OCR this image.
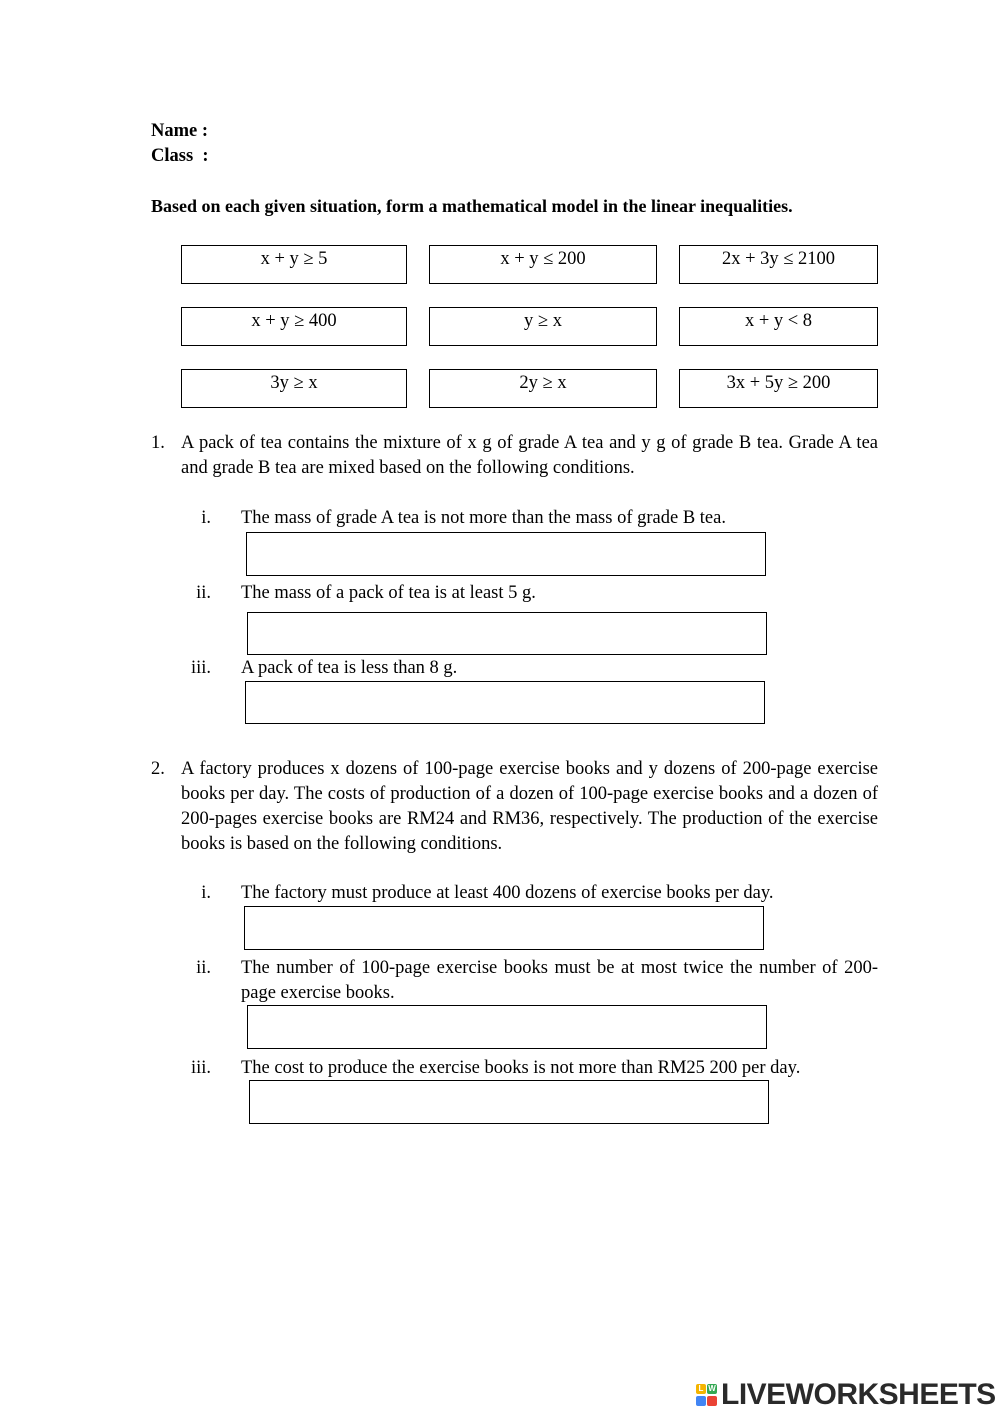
Name :
Class  :
Based on each given situation, form a mathematical model in the linear inequalities.
x + y ≥ 5	x + y ≤ 200	2x + 3y ≤ 2100
x + y ≥ 400	y ≥ x	x + y < 8
3y ≥ x	2y ≥ x	3x + 5y ≥ 200
1. A pack of tea contains the mixture of x g of grade A tea and y g of grade B tea. Grade A tea and grade B tea are mixed based on the following conditions.
i. The mass of grade A tea is not more than the mass of grade B tea.
ii. The mass of a pack of tea is at least 5 g.
iii. A pack of tea is less than 8 g.
2. A factory produces x dozens of 100-page exercise books and y dozens of 200-page exercise books per day. The costs of production of a dozen of 100-page exercise books and a dozen of 200-pages exercise books are RM24 and RM36, respectively. The production of the exercise books is based on the following conditions.
i. The factory must produce at least 400 dozens of exercise books per day.
ii. The number of 100-page exercise books must be at most twice the number of 200-page exercise books.
iii. The cost to produce the exercise books is not more than RM25 200 per day.
L W LIVEWORKSHEETS
